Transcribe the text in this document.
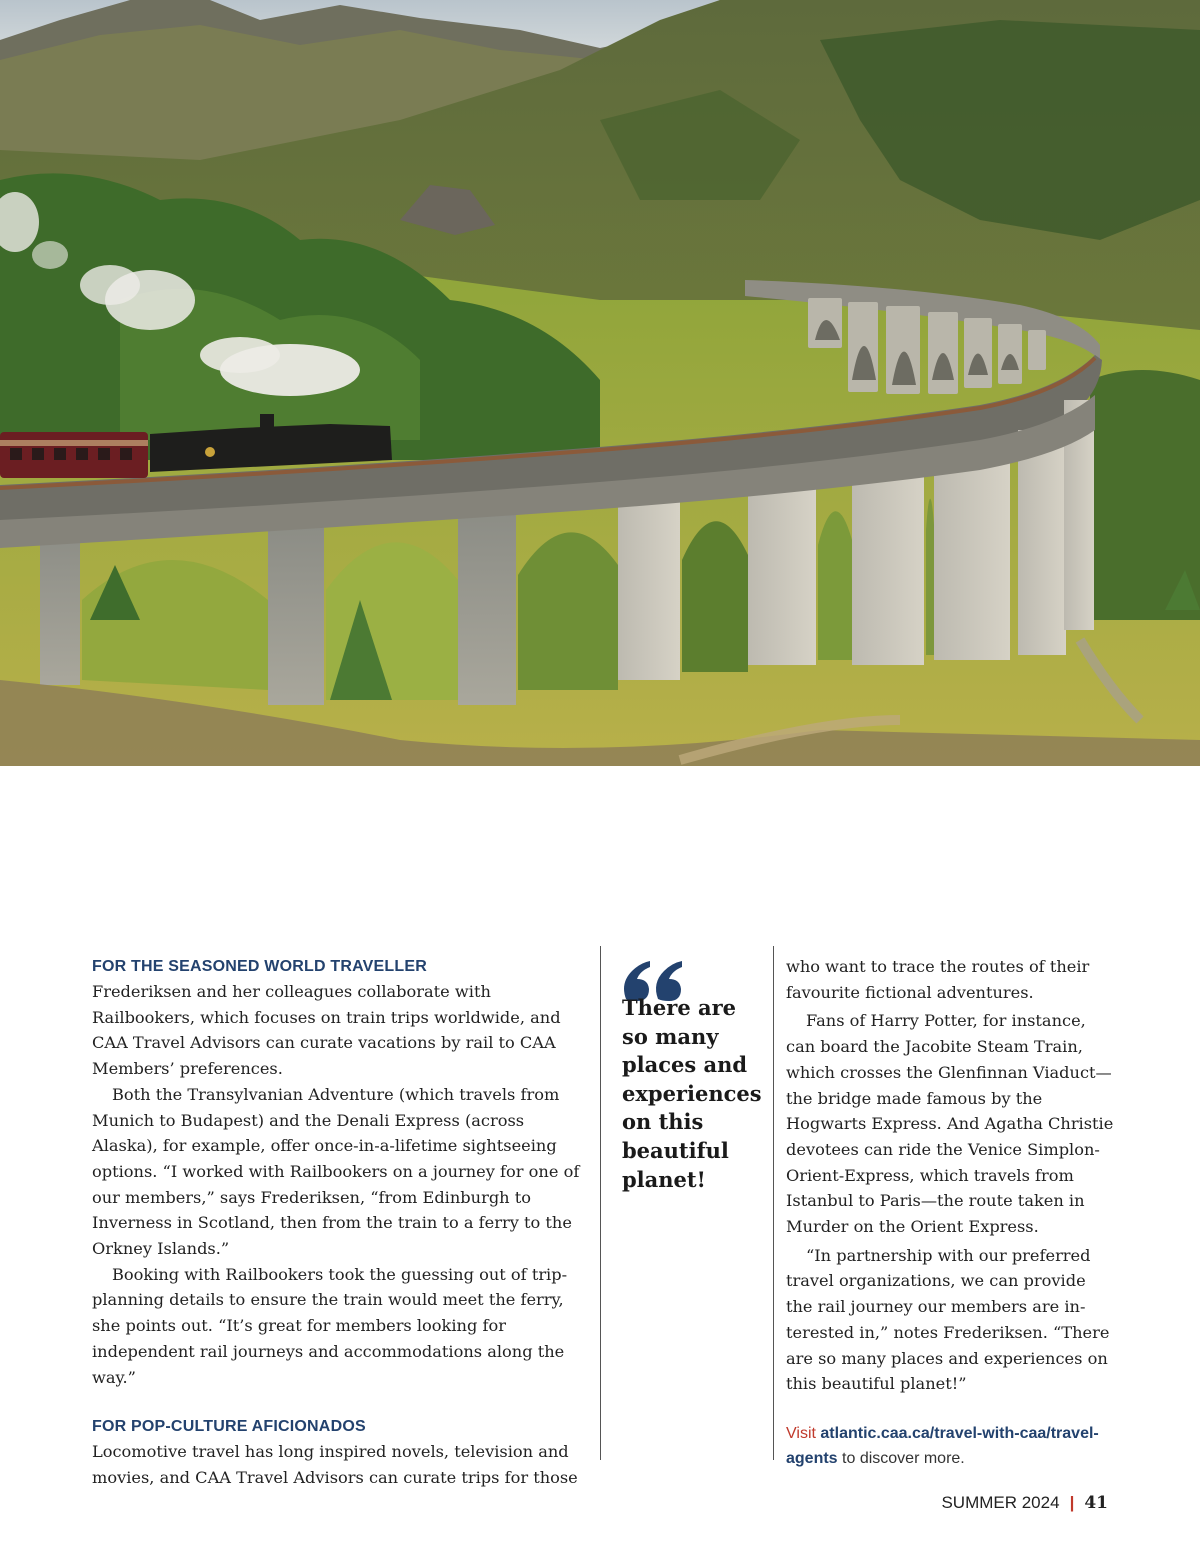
FOR THE SEASONED WORLD TRAVELLER

Frederiksen and her colleagues collaborate with Railbookers, which focuses on train trips worldwide, and CAA Travel Advisors can curate vacations by rail to CAA Members’ preferences.

Both the Transylvanian Adventure (which travels from Munich to Budapest) and the Denali Express (across Alaska), for example, offer once-in-a-lifetime sightseeing options. “I worked with Railbookers on a journey for one of our members,” says Frederiksen, “from Edinburgh to Inverness in Scotland, then from the train to a ferry to the Orkney Islands.”

Booking with Railbookers took the guessing out of trip-planning details to ensure the train would meet the ferry, she points out. “It’s great for members looking for independent rail journeys and accommodations along the way.”

FOR POP-CULTURE AFICIONADOS

Locomotive travel has long inspired novels, television and movies, and CAA Travel Advisors can curate trips for those

There are so many places and experiences on this beautiful planet!

who want to trace the routes of their favourite fictional adventures.

Fans of Harry Potter, for instance, can board the Jacobite Steam Train, which crosses the Glenfinnan Viaduct—the bridge made famous by the Hogwarts Express. And Agatha Christie devotees can ride the Venice Simplon-Orient-Express, which travels from Istanbul to Paris—the route taken in Murder on the Orient Express.

“In partnership with our preferred travel organizations, we can provide the rail journey our members are in-terested in,” notes Frederiksen. “There are so many places and experiences on this beautiful planet!”

Visit atlantic.caa.ca/travel-with-caa/travel-agents to discover more.
SUMMER 2024 | 41
